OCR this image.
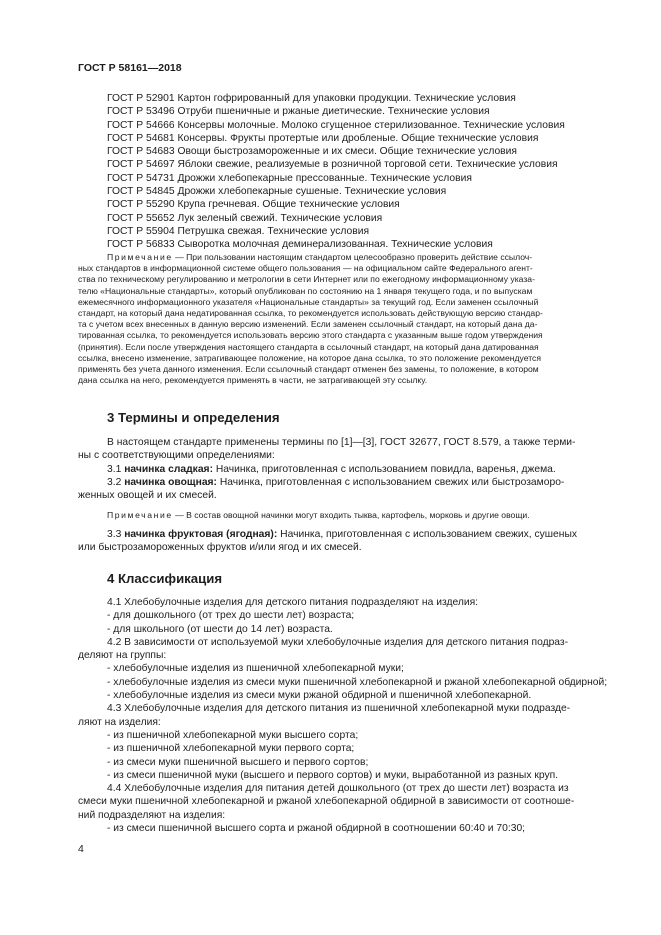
ГОСТ Р 58161—2018
ГОСТ Р 52901 Картон гофрированный для упаковки продукции. Технические условия
ГОСТ Р 53496 Отруби пшеничные и ржаные диетические. Технические условия
ГОСТ Р 54666 Консервы молочные. Молоко сгущенное стерилизованное. Технические условия
ГОСТ Р 54681 Консервы. Фрукты протертые или дробленые. Общие технические условия
ГОСТ Р 54683 Овощи быстрозамороженные и их смеси. Общие технические условия
ГОСТ Р 54697 Яблоки свежие, реализуемые в розничной торговой сети. Технические условия
ГОСТ Р 54731 Дрожжи хлебопекарные прессованные. Технические условия
ГОСТ Р 54845 Дрожжи хлебопекарные сушеные. Технические условия
ГОСТ Р 55290 Крупа гречневая. Общие технические условия
ГОСТ Р 55652 Лук зеленый свежий. Технические условия
ГОСТ Р 55904 Петрушка свежая. Технические условия
ГОСТ Р 56833 Сыворотка молочная деминерализованная. Технические условия
Примечание — При пользовании настоящим стандартом целесообразно проверить действие ссылоч-
ных стандартов в информационной системе общего пользования — на официальном сайте Федерального агент-
ства по техническому регулированию и метрологии в сети Интернет или по ежегодному информационному указа-
телю «Национальные стандарты», который опубликован по состоянию на 1 января текущего года, и по выпускам
ежемесячного информационного указателя «Национальные стандарты» за текущий год. Если заменен ссылочный
стандарт, на который дана недатированная ссылка, то рекомендуется использовать действующую версию стандар-
та с учетом всех внесенных в данную версию изменений. Если заменен ссылочный стандарт, на который дана да-
тированная ссылка, то рекомендуется использовать версию этого стандарта с указанным выше годом утверждения
(принятия). Если после утверждения настоящего стандарта в ссылочный стандарт, на который дана датированная
ссылка, внесено изменение, затрагивающее положение, на которое дана ссылка, то это положение рекомендуется
применять без учета данного изменения. Если ссылочный стандарт отменен без замены, то положение, в котором
дана ссылка на него, рекомендуется применять в части, не затрагивающей эту ссылку.
3 Термины и определения
В настоящем стандарте применены термины по [1]—[3], ГОСТ 32677, ГОСТ 8.579, а также терми-
ны с соответствующими определениями:
3.1 начинка сладкая: Начинка, приготовленная с использованием повидла, варенья, джема.
3.2 начинка овощная: Начинка, приготовленная с использованием свежих или быстрозаморо-
женных овощей и их смесей.
Примечание — В состав овощной начинки могут входить тыква, картофель, морковь и другие овощи.
3.3 начинка фруктовая (ягодная): Начинка, приготовленная с использованием свежих, сушеных
или быстрозамороженных фруктов и/или ягод и их смесей.
4 Классификация
4.1 Хлебобулочные изделия для детского питания подразделяют на изделия:
- для дошкольного (от трех до шести лет) возраста;
- для школьного (от шести до 14 лет) возраста.
4.2 В зависимости от используемой муки хлебобулочные изделия для детского питания подраз-
деляют на группы:
- хлебобулочные изделия из пшеничной хлебопекарной муки;
- хлебобулочные изделия из смеси муки пшеничной хлебопекарной и ржаной хлебопекарной обдирной;
- хлебобулочные изделия из смеси муки ржаной обдирной и пшеничной хлебопекарной.
4.3 Хлебобулочные изделия для детского питания из пшеничной хлебопекарной муки подразде-
ляют на изделия:
- из пшеничной хлебопекарной муки высшего сорта;
- из пшеничной хлебопекарной муки первого сорта;
- из смеси муки пшеничной высшего и первого сортов;
- из смеси пшеничной муки (высшего и первого сортов) и муки, выработанной из разных круп.
4.4 Хлебобулочные изделия для питания детей дошкольного (от трех до шести лет) возраста из
смеси муки пшеничной хлебопекарной и ржаной хлебопекарной обдирной в зависимости от соотноше-
ний подразделяют на изделия:
- из смеси пшеничной высшего сорта и ржаной обдирной в соотношении 60:40 и 70:30;
4
